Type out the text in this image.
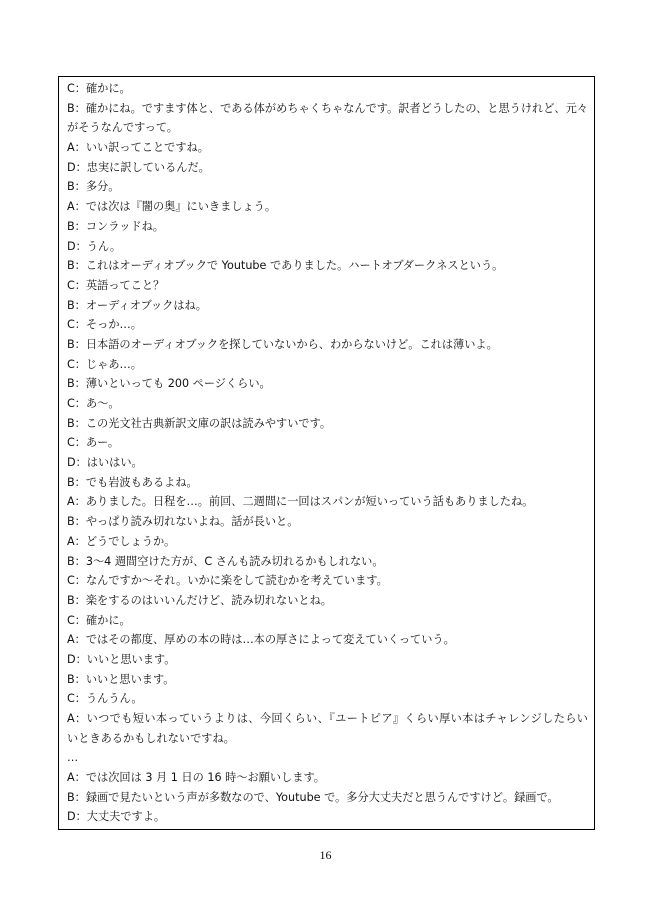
C：確かに。
B：確かにね。ですます体と、である体がめちゃくちゃなんです。訳者どうしたの、と思うけれど、元々
がそうなんですって。
A：いい訳ってことですね。
D：忠実に訳しているんだ。
B：多分。
A：では次は『闇の奥』にいきましょう。
B：コンラッドね。
D：うん。
B：これはオーディオブックで Youtube でありました。ハートオブダークネスという。
C：英語ってこと？
B：オーディオブックはね。
C：そっか…。
B：日本語のオーディオブックを探していないから、わからないけど。これは薄いよ。
C：じゃあ…。
B：薄いといっても 200 ページくらい。
C：あ〜。
B：この光文社古典新訳文庫の訳は読みやすいです。
C：あー。
D：はいはい。
B：でも岩波もあるよね。
A：ありました。日程を…。前回、二週間に一回はスパンが短いっていう話もありましたね。
B：やっぱり読み切れないよね。話が長いと。
A：どうでしょうか。
B：3〜4 週間空けた方が、C さんも読み切れるかもしれない。
C：なんですか〜それ。いかに楽をして読むかを考えています。
B：楽をするのはいいんだけど、読み切れないとね。
C：確かに。
A：ではその都度、厚めの本の時は…本の厚さによって変えていくっていう。
D：いいと思います。
B：いいと思います。
C：うんうん。
A：いつでも短い本っていうよりは、今回くらい、『ユートピア』くらい厚い本はチャレンジしたらい
いときあるかもしれないですね。
…
A：では次回は 3 月 1 日の 16 時〜お願いします。
B：録画で見たいという声が多数なので、Youtube で。多分大丈夫だと思うんですけど。録画で。
D：大丈夫ですよ。
16
